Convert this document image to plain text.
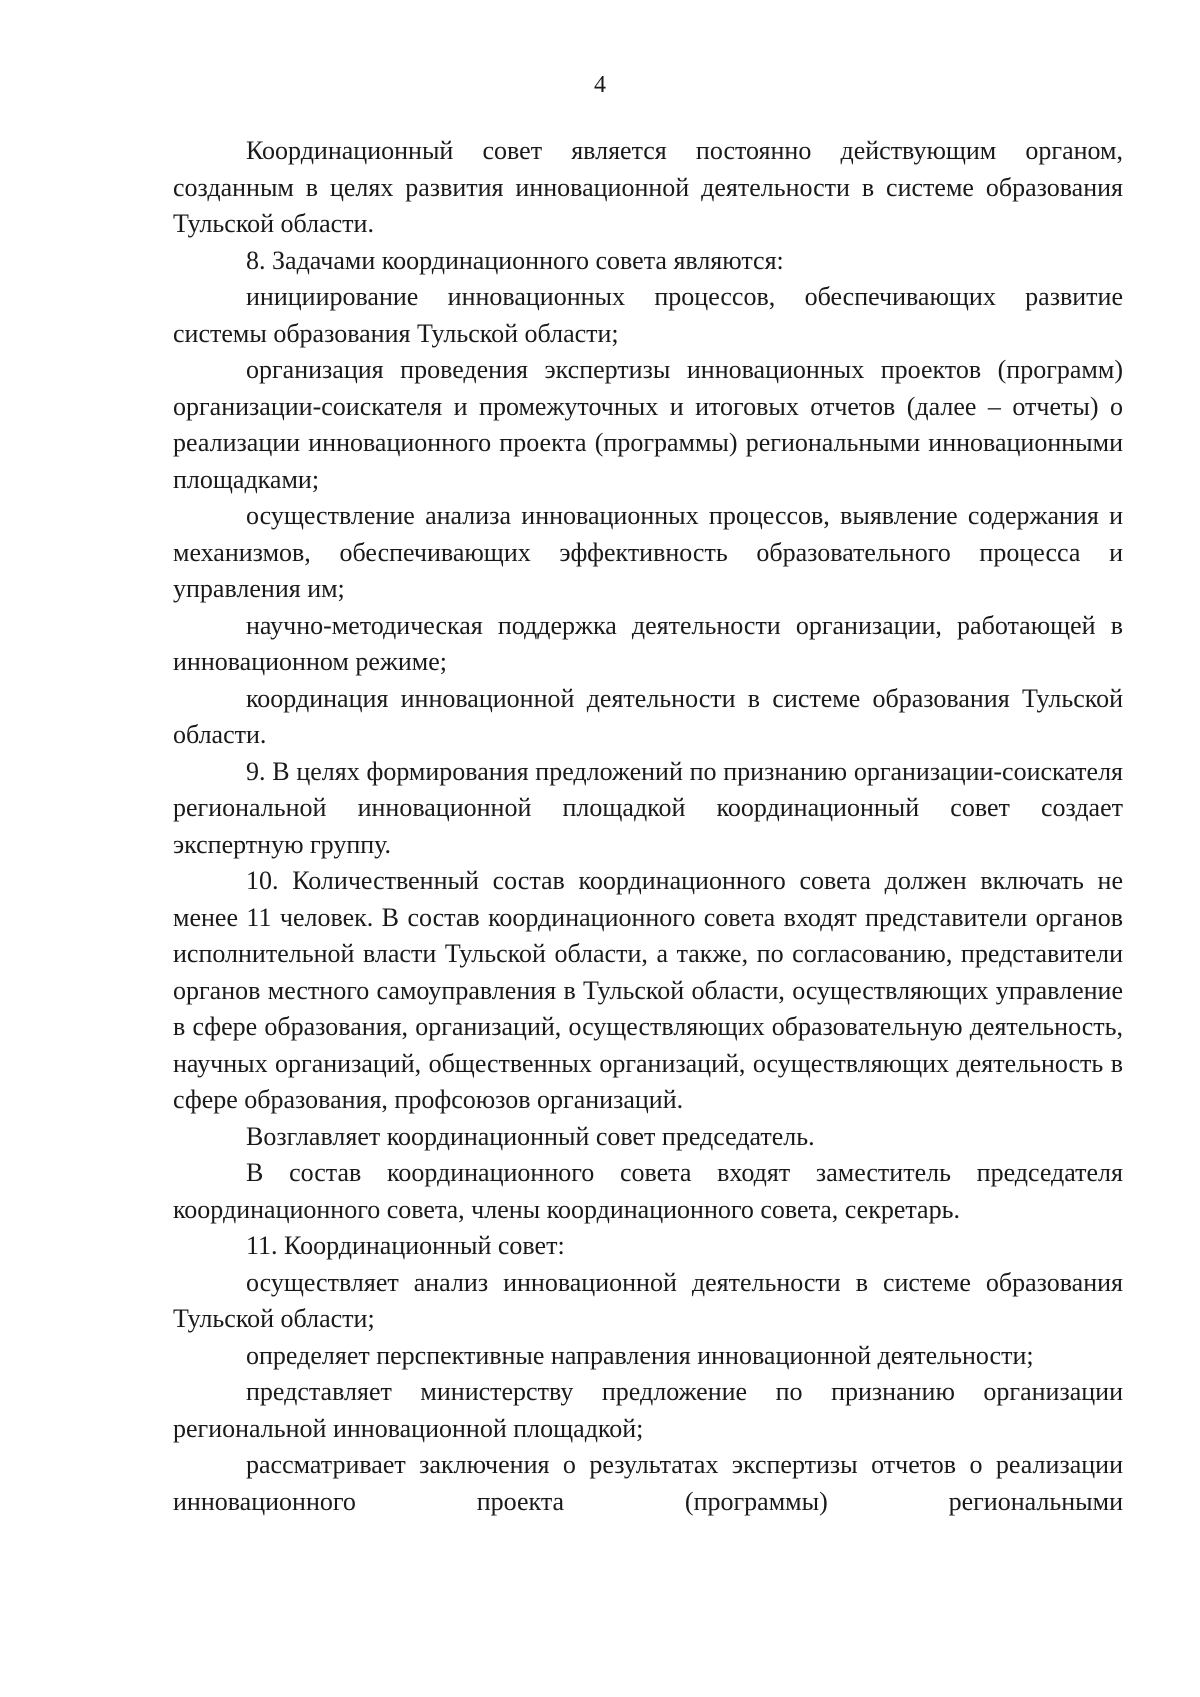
4

Координационный совет является постоянно действующим органом, созданным в целях развития инновационной деятельности в системе образования Тульской области.

8. Задачами координационного совета являются:

инициирование инновационных процессов, обеспечивающих развитие системы образования Тульской области;

организация проведения экспертизы инновационных проектов (программ) организации-соискателя и промежуточных и итоговых отчетов (далее – отчеты) о реализации инновационного проекта (программы) региональными инновационными площадками;

осуществление анализа инновационных процессов, выявление содержания и механизмов, обеспечивающих эффективность образовательного процесса и управления им;

научно-методическая поддержка деятельности организации, работающей в инновационном режиме;

координация инновационной деятельности в системе образования Тульской области.

9. В целях формирования предложений по признанию организации-соискателя региональной инновационной площадкой координационный совет создает экспертную группу.

10. Количественный состав координационного совета должен включать не менее 11 человек. В состав координационного совета входят представители органов исполнительной власти Тульской области, а также, по согласованию, представители органов местного самоуправления в Тульской области, осуществляющих управление в сфере образования, организаций, осуществляющих образовательную деятельность, научных организаций, общественных организаций, осуществляющих деятельность в сфере образования, профсоюзов организаций.

Возглавляет координационный совет председатель.

В состав координационного совета входят заместитель председателя координационного совета, члены координационного совета, секретарь.

11. Координационный совет:

осуществляет анализ инновационной деятельности в системе образования Тульской области;

определяет перспективные направления инновационной деятельности;

представляет министерству предложение по признанию организации региональной инновационной площадкой;

рассматривает заключения о результатах экспертизы отчетов о реализации инновационного проекта (программы) региональными
